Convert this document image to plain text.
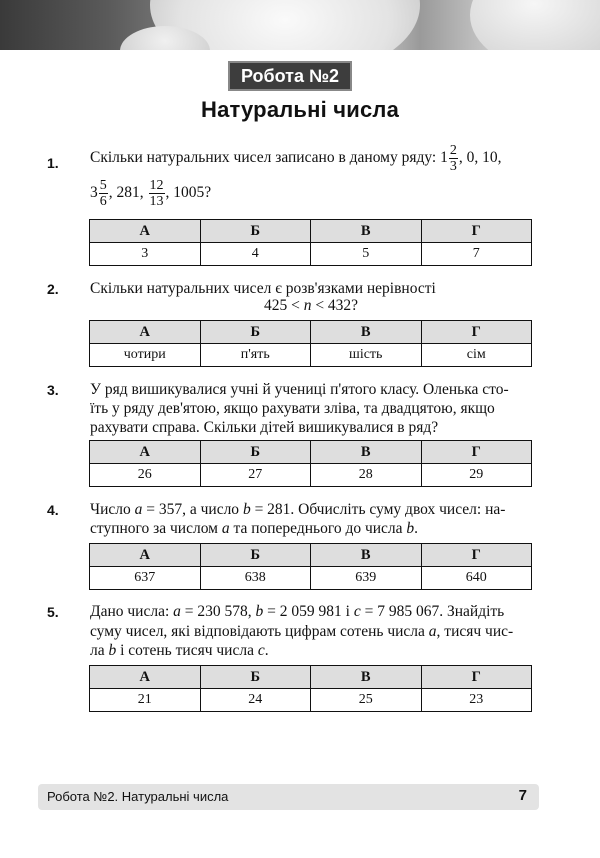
Робота №2
Натуральні числа
1. Скільки натуральних чисел записано в даному ряду: $1 \frac{2}{3}$ , 0, 10,
$3 \frac{5}{6}$ , 281, $\frac{12}{13}$ , 1005?
А	Б	В	Г
3	4	5	7
2. Скільки натуральних чисел є розв'язками нерівності
425 < n < 432?
А	Б	В	Г
чотири	п'ять	шість	сім
3. У ряд вишикувалися учні й учениці п'ятого класу. Оленька сто-
їть у ряду дев'ятою, якщо рахувати зліва, та двадцятою, якщо
рахувати справа. Скільки дітей вишикувалися в ряд?
А	Б	В	Г
26	27	28	29
4. Число a = 357, а число b = 281. Обчисліть суму двох чисел: на-
ступного за числом a та попереднього до числа b.
А	Б	В	Г
637	638	639	640
5. Дано числа: a = 230 578, b = 2 059 981 і c = 7 985 067. Знайдіть
суму чисел, які відповідають цифрам сотень числа a, тисяч чис-
ла b і сотень тисяч числа c.
А	Б	В	Г
21	24	25	23
Робота №2. Натуральні числа	7
